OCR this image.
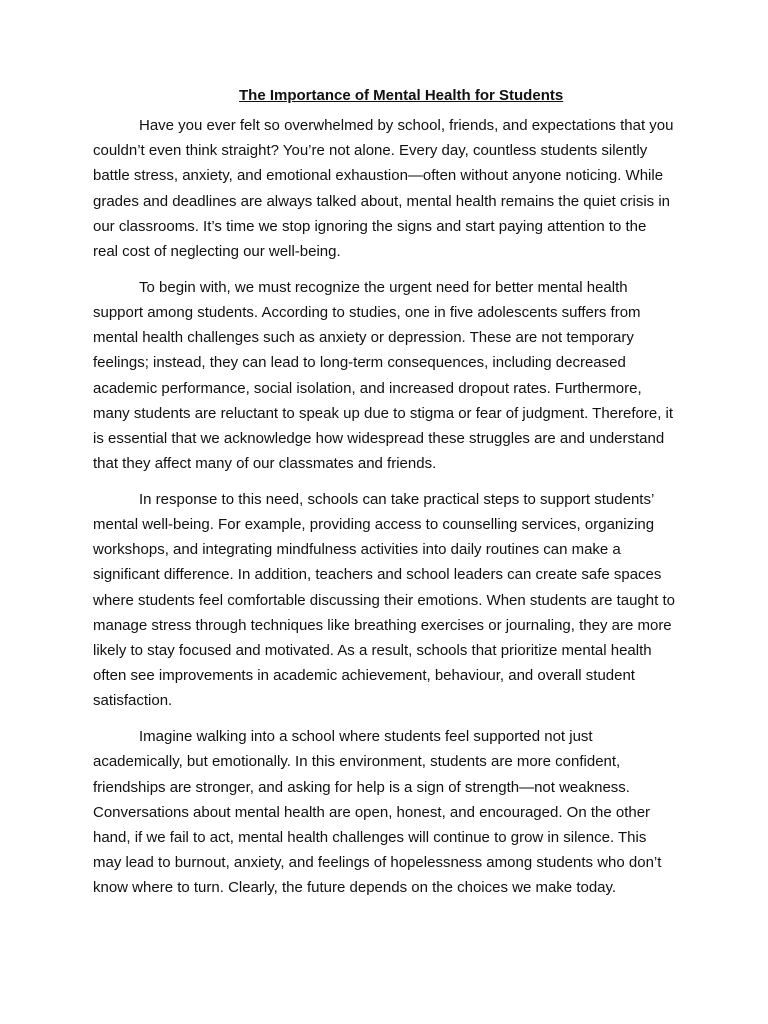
The Importance of Mental Health for Students

Have you ever felt so overwhelmed by school, friends, and expectations that you couldn’t even think straight? You’re not alone. Every day, countless students silently battle stress, anxiety, and emotional exhaustion—often without anyone noticing. While grades and deadlines are always talked about, mental health remains the quiet crisis in our classrooms. It’s time we stop ignoring the signs and start paying attention to the real cost of neglecting our well-being.

To begin with, we must recognize the urgent need for better mental health support among students. According to studies, one in five adolescents suffers from mental health challenges such as anxiety or depression. These are not temporary feelings; instead, they can lead to long-term consequences, including decreased academic performance, social isolation, and increased dropout rates. Furthermore, many students are reluctant to speak up due to stigma or fear of judgment. Therefore, it is essential that we acknowledge how widespread these struggles are and understand that they affect many of our classmates and friends.

In response to this need, schools can take practical steps to support students’ mental well-being. For example, providing access to counselling services, organizing workshops, and integrating mindfulness activities into daily routines can make a significant difference. In addition, teachers and school leaders can create safe spaces where students feel comfortable discussing their emotions. When students are taught to manage stress through techniques like breathing exercises or journaling, they are more likely to stay focused and motivated. As a result, schools that prioritize mental health often see improvements in academic achievement, behaviour, and overall student satisfaction.

Imagine walking into a school where students feel supported not just academically, but emotionally. In this environment, students are more confident, friendships are stronger, and asking for help is a sign of strength—not weakness. Conversations about mental health are open, honest, and encouraged. On the other hand, if we fail to act, mental health challenges will continue to grow in silence. This may lead to burnout, anxiety, and feelings of hopelessness among students who don’t know where to turn. Clearly, the future depends on the choices we make today.
